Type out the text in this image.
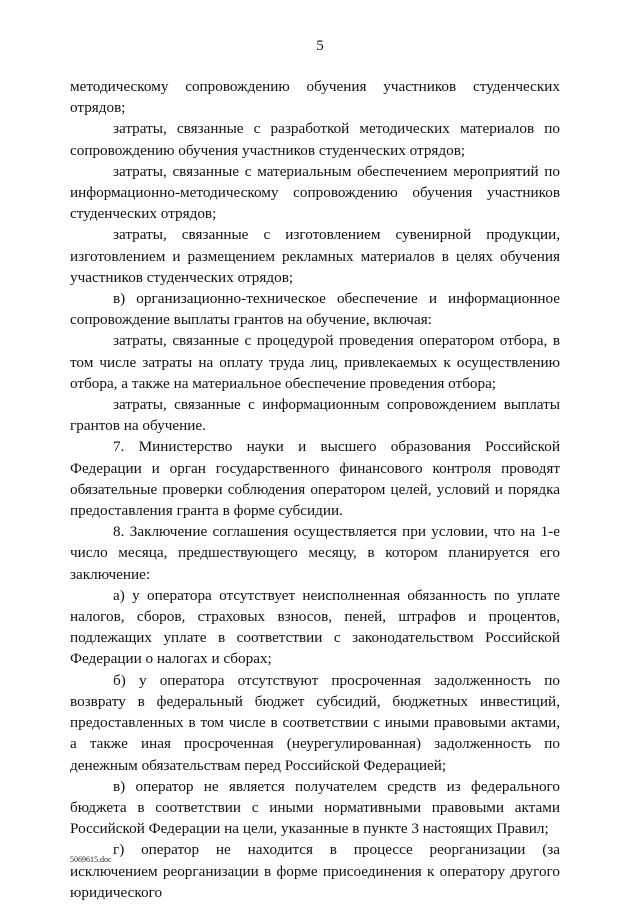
5

методическому сопровождению обучения участников студенческих отрядов;

затраты, связанные с разработкой методических материалов по сопровождению обучения участников студенческих отрядов;

затраты, связанные с материальным обеспечением мероприятий по информационно-методическому сопровождению обучения участников студенческих отрядов;

затраты, связанные с изготовлением сувенирной продукции, изготовлением и размещением рекламных материалов в целях обучения участников студенческих отрядов;

в) организационно-техническое обеспечение и информационное сопровождение выплаты грантов на обучение, включая:

затраты, связанные с процедурой проведения оператором отбора, в том числе затраты на оплату труда лиц, привлекаемых к осуществлению отбора, а также на материальное обеспечение проведения отбора;

затраты, связанные с информационным сопровождением выплаты грантов на обучение.

7. Министерство науки и высшего образования Российской Федерации и орган государственного финансового контроля проводят обязательные проверки соблюдения оператором целей, условий и порядка предоставления гранта в форме субсидии.

8. Заключение соглашения осуществляется при условии, что на 1-е число месяца, предшествующего месяцу, в котором планируется его заключение:

а) у оператора отсутствует неисполненная обязанность по уплате налогов, сборов, страховых взносов, пеней, штрафов и процентов, подлежащих уплате в соответствии с законодательством Российской Федерации о налогах и сборах;

б) у оператора отсутствуют просроченная задолженность по возврату в федеральный бюджет субсидий, бюджетных инвестиций, предоставленных в том числе в соответствии с иными правовыми актами, а также иная просроченная (неурегулированная) задолженность по денежным обязательствам перед Российской Федерацией;

в) оператор не является получателем средств из федерального бюджета в соответствии с иными нормативными правовыми актами Российской Федерации на цели, указанные в пункте 3 настоящих Правил;

г) оператор не находится в процессе реорганизации (за исключением реорганизации в форме присоединения к оператору другого юридического

5069615.doc
